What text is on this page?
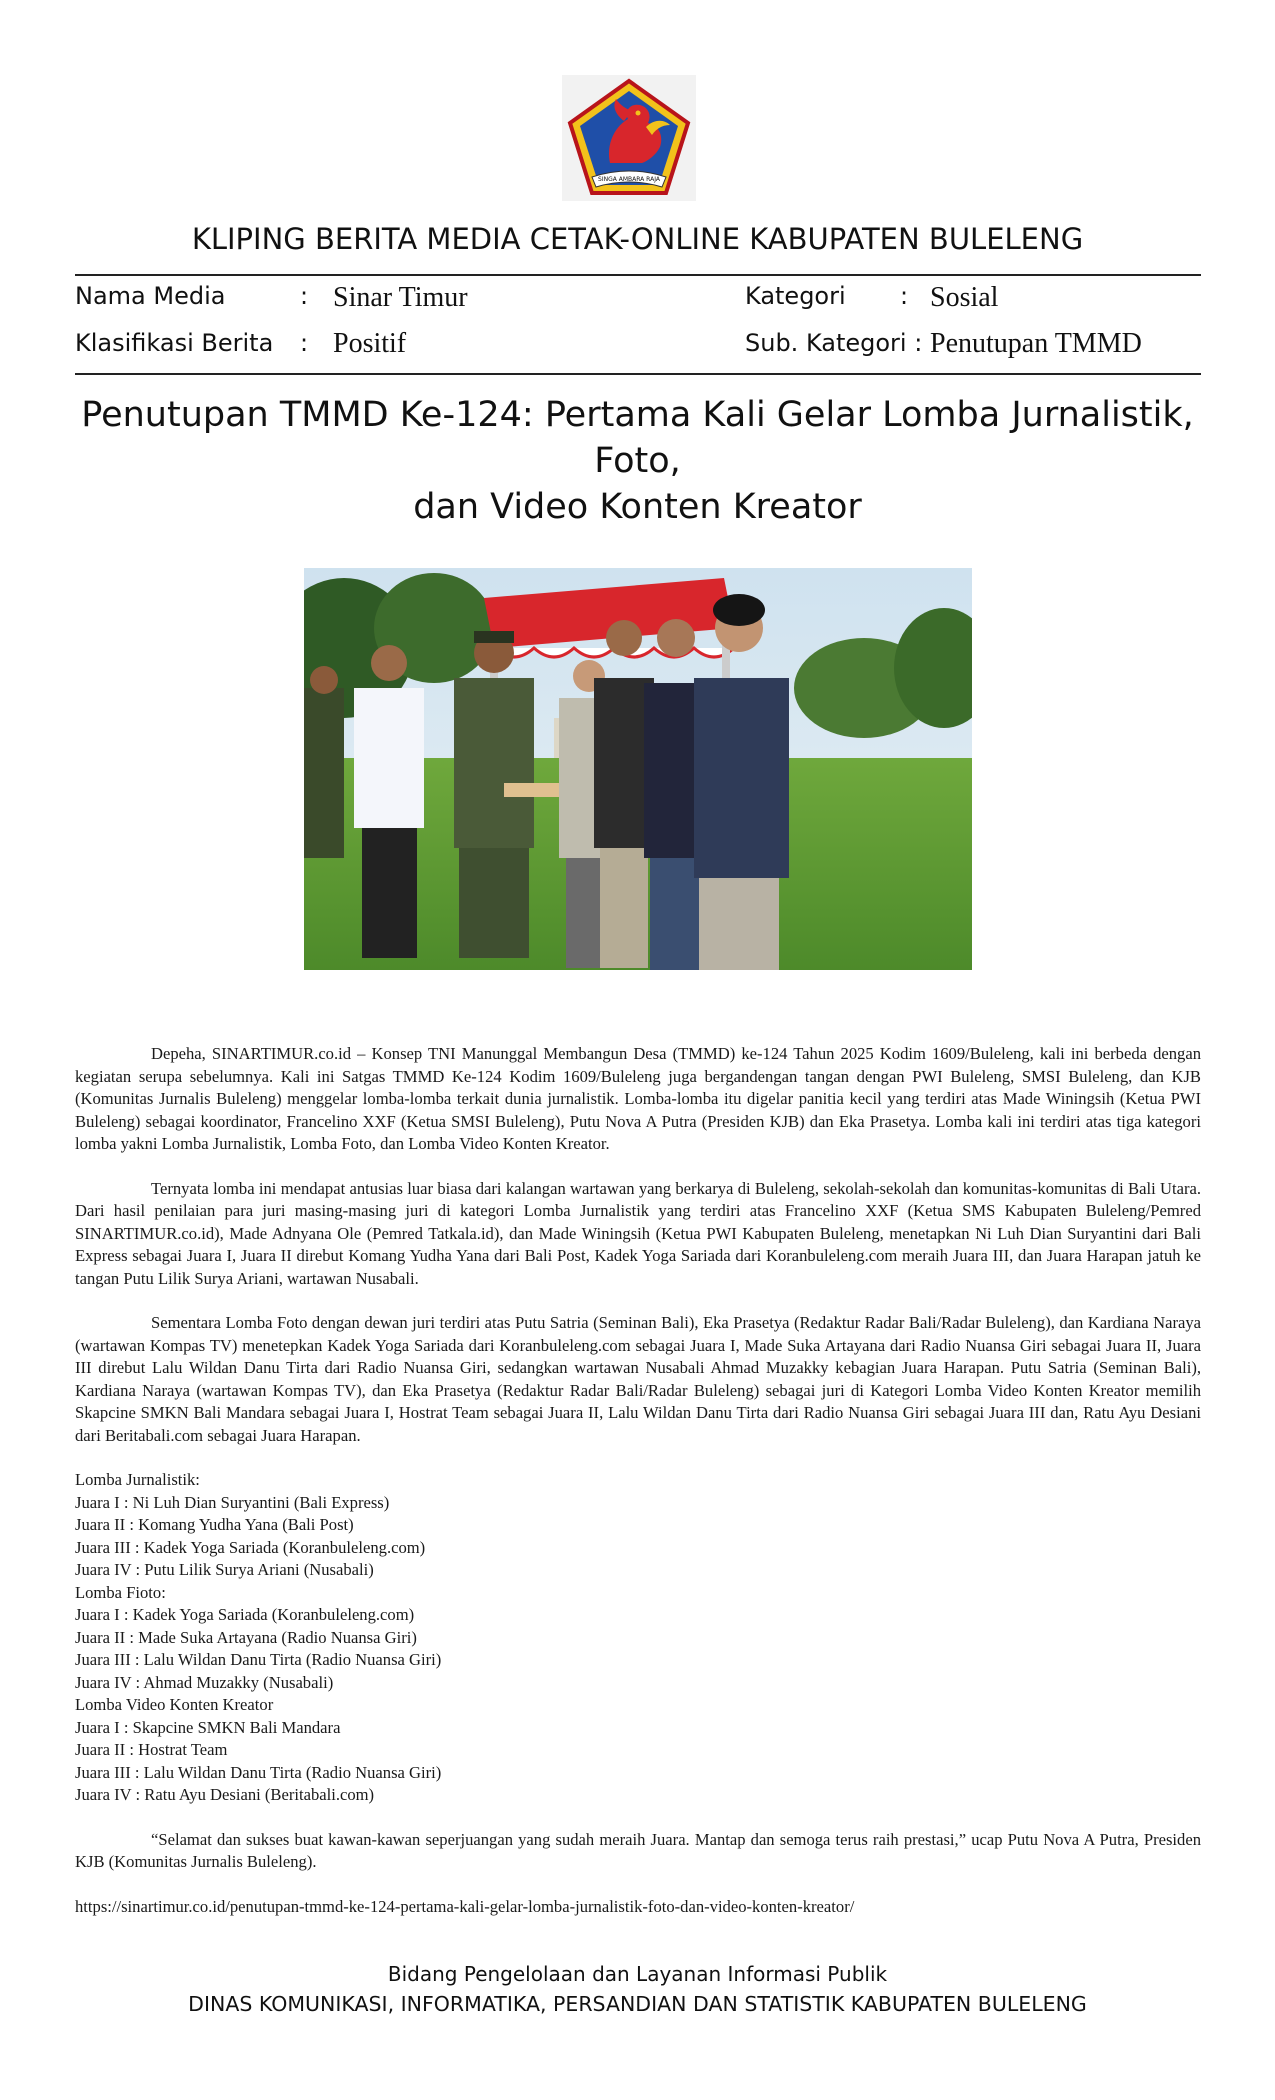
SINGA AMBARA RAJA
KLIPING BERITA MEDIA CETAK-ONLINE KABUPATEN BULELENG
Nama Media	: Sinar Timur
Klasifikasi Berita : Positif
Kategori : Sosial
Sub. Kategori : Penutupan TMMD
Penutupan TMMD Ke-124: Pertama Kali Gelar Lomba Jurnalistik, Foto,
dan Video Konten Kreator

Depeha, SINARTIMUR.co.id – Konsep TNI Manunggal Membangun Desa (TMMD) ke-124 Tahun 2025 Kodim 1609/Buleleng, kali ini berbeda dengan kegiatan serupa sebelumnya. Kali ini Satgas TMMD Ke-124 Kodim 1609/Buleleng juga bergandengan tangan dengan PWI Buleleng, SMSI Buleleng, dan KJB (Komunitas Jurnalis Buleleng) menggelar lomba-lomba terkait dunia jurnalistik. Lomba-lomba itu digelar panitia kecil yang terdiri atas Made Winingsih (Ketua PWI Buleleng) sebagai koordinator, Francelino XXF (Ketua SMSI Buleleng), Putu Nova A Putra (Presiden KJB) dan Eka Prasetya. Lomba kali ini terdiri atas tiga kategori lomba yakni Lomba Jurnalistik, Lomba Foto, dan Lomba Video Konten Kreator.

Ternyata lomba ini mendapat antusias luar biasa dari kalangan wartawan yang berkarya di Buleleng, sekolah-sekolah dan komunitas-komunitas di Bali Utara. Dari hasil penilaian para juri masing-masing juri di kategori Lomba Jurnalistik yang terdiri atas Francelino XXF (Ketua SMS Kabupaten Buleleng/Pemred SINARTIMUR.co.id), Made Adnyana Ole (Pemred Tatkala.id), dan Made Winingsih (Ketua PWI Kabupaten Buleleng, menetapkan Ni Luh Dian Suryantini dari Bali Express sebagai Juara I, Juara II direbut Komang Yudha Yana dari Bali Post, Kadek Yoga Sariada dari Koranbuleleng.com meraih Juara III, dan Juara Harapan jatuh ke tangan Putu Lilik Surya Ariani, wartawan Nusabali.

Sementara Lomba Foto dengan dewan juri terdiri atas Putu Satria (Seminan Bali), Eka Prasetya (Redaktur Radar Bali/Radar Buleleng), dan Kardiana Naraya (wartawan Kompas TV) menetepkan Kadek Yoga Sariada dari Koranbuleleng.com sebagai Juara I, Made Suka Artayana dari Radio Nuansa Giri sebagai Juara II, Juara III direbut Lalu Wildan Danu Tirta dari Radio Nuansa Giri, sedangkan wartawan Nusabali Ahmad Muzakky kebagian Juara Harapan. Putu Satria (Seminan Bali), Kardiana Naraya (wartawan Kompas TV), dan Eka Prasetya (Redaktur Radar Bali/Radar Buleleng) sebagai juri di Kategori Lomba Video Konten Kreator memilih Skapcine SMKN Bali Mandara sebagai Juara I, Hostrat Team sebagai Juara II, Lalu Wildan Danu Tirta dari Radio Nuansa Giri sebagai Juara III dan, Ratu Ayu Desiani dari Beritabali.com sebagai Juara Harapan.

Lomba Jurnalistik:
Juara I : Ni Luh Dian Suryantini (Bali Express)
Juara II : Komang Yudha Yana (Bali Post)
Juara III : Kadek Yoga Sariada (Koranbuleleng.com)
Juara IV : Putu Lilik Surya Ariani (Nusabali)
Lomba Fioto:
Juara I : Kadek Yoga Sariada (Koranbuleleng.com)
Juara II : Made Suka Artayana (Radio Nuansa Giri)
Juara III : Lalu Wildan Danu Tirta (Radio Nuansa Giri)
Juara IV : Ahmad Muzakky (Nusabali)
Lomba Video Konten Kreator
Juara I : Skapcine SMKN Bali Mandara
Juara II : Hostrat Team
Juara III : Lalu Wildan Danu Tirta (Radio Nuansa Giri)
Juara IV : Ratu Ayu Desiani (Beritabali.com)

“Selamat dan sukses buat kawan-kawan seperjuangan yang sudah meraih Juara. Mantap dan semoga terus raih prestasi,” ucap Putu Nova A Putra, Presiden KJB (Komunitas Jurnalis Buleleng).

https://sinartimur.co.id/penutupan-tmmd-ke-124-pertama-kali-gelar-lomba-jurnalistik-foto-dan-video-konten-kreator/

Bidang Pengelolaan dan Layanan Informasi Publik
DINAS KOMUNIKASI, INFORMATIKA, PERSANDIAN DAN STATISTIK KABUPATEN BULELENG
